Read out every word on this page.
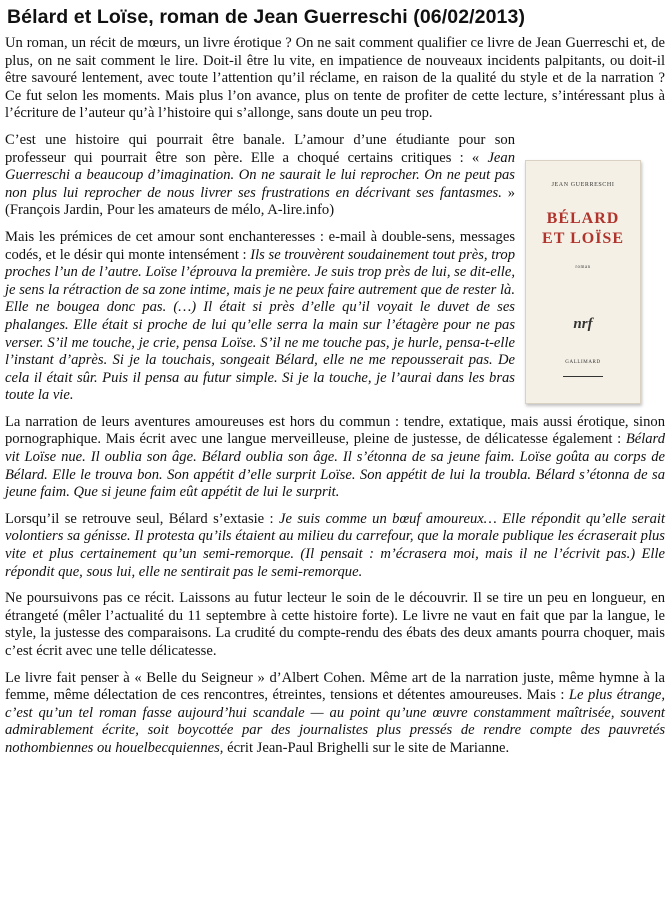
Bélard et Loïse, roman de Jean Guerreschi (06/02/2013)

Un roman, un récit de mœurs, un livre érotique ? On ne sait comment qualifier ce livre de Jean Guerreschi et, de plus, on ne sait comment le lire. Doit-il être lu vite, en impatience de nouveaux incidents palpitants, ou doit-il être savouré lentement, avec toute l’attention qu’il réclame, en raison de la qualité du style et de la narration ? Ce fut selon les moments. Mais plus l’on avance, plus on tente de profiter de cette lecture, s’intéressant plus à l’écriture de l’auteur qu’à l’histoire qui s’allonge, sans doute un peu trop.

JEAN GUERRESCHI
BÉLARD
ET LOÏSE
roman
nrf
GALLIMARD

C’est une histoire qui pourrait être banale. L’amour d’une étudiante pour son professeur qui pourrait être son père. Elle a choqué certains critiques : « Jean Guerreschi a beaucoup d’imagination. On ne saurait le lui reprocher. On ne peut pas non plus lui reprocher de nous livrer ses frustrations en décrivant ses fantasmes. » (François Jardin, Pour les amateurs de mélo, A-lire.info)

Mais les prémices de cet amour sont enchanteresses : e-mail à double-sens, messages codés, et le désir qui monte intensément : Ils se trouvèrent soudainement tout près, trop proches l’un de l’autre. Loïse l’éprouva la première. Je suis trop près de lui, se dit-elle, je sens la rétraction de sa zone intime, mais je ne peux faire autrement que de rester là. Elle ne bougea donc pas. (…) Il était si près d’elle qu’il voyait le duvet de ses phalanges. Elle était si proche de lui qu’elle serra la main sur l’étagère pour ne pas verser. S’il me touche, je crie, pensa Loïse. S’il ne me touche pas, je hurle, pensa-t-elle l’instant d’après. Si je la touchais, songeait Bélard, elle ne me repousserait pas. De cela il était sûr. Puis il pensa au futur simple. Si je la touche, je l’aurai dans les bras toute la vie.

La narration de leurs aventures amoureuses est hors du commun : tendre, extatique, mais aussi érotique, sinon pornographique. Mais écrit avec une langue merveilleuse, pleine de justesse, de délicatesse également : Bélard vit Loïse nue. Il oublia son âge. Bélard oublia son âge. Il s’étonna de sa jeune faim. Loïse goûta au corps de Bélard. Elle le trouva bon. Son appétit d’elle surprit Loïse. Son appétit de lui la troubla. Bélard s’étonna de sa jeune faim. Que si jeune faim eût appétit de lui le surprit.

Lorsqu’il se retrouve seul, Bélard s’extasie : Je suis comme un bœuf amoureux… Elle répondit qu’elle serait volontiers sa génisse. Il protesta qu’ils étaient au milieu du carrefour, que la morale publique les écraserait plus vite et plus certainement qu’un semi-remorque. (Il pensait : m’écrasera moi, mais il ne l’écrivit pas.) Elle répondit que, sous lui, elle ne sentirait pas le semi-remorque.

Ne poursuivons pas ce récit. Laissons au futur lecteur le soin de le découvrir. Il se tire un peu en longueur, en étrangeté (mêler l’actualité du 11 septembre à cette histoire forte). Le livre ne vaut en fait que par la langue, le style, la justesse des comparaisons. La crudité du compte-rendu des ébats des deux amants pourra choquer, mais c’est écrit avec une telle délicatesse.

Le livre fait penser à « Belle du Seigneur » d’Albert Cohen. Même art de la narration juste, même hymne à la femme, même délectation de ces rencontres, étreintes, tensions et détentes amoureuses. Mais : Le plus étrange, c’est qu’un tel roman fasse aujourd’hui scandale — au point qu’une œuvre constamment maîtrisée, souvent admirablement écrite, soit boycottée par des journalistes plus pressés de rendre compte des pauvretés nothombiennes ou houelbecquiennes, écrit Jean-Paul Brighelli sur le site de Marianne.
